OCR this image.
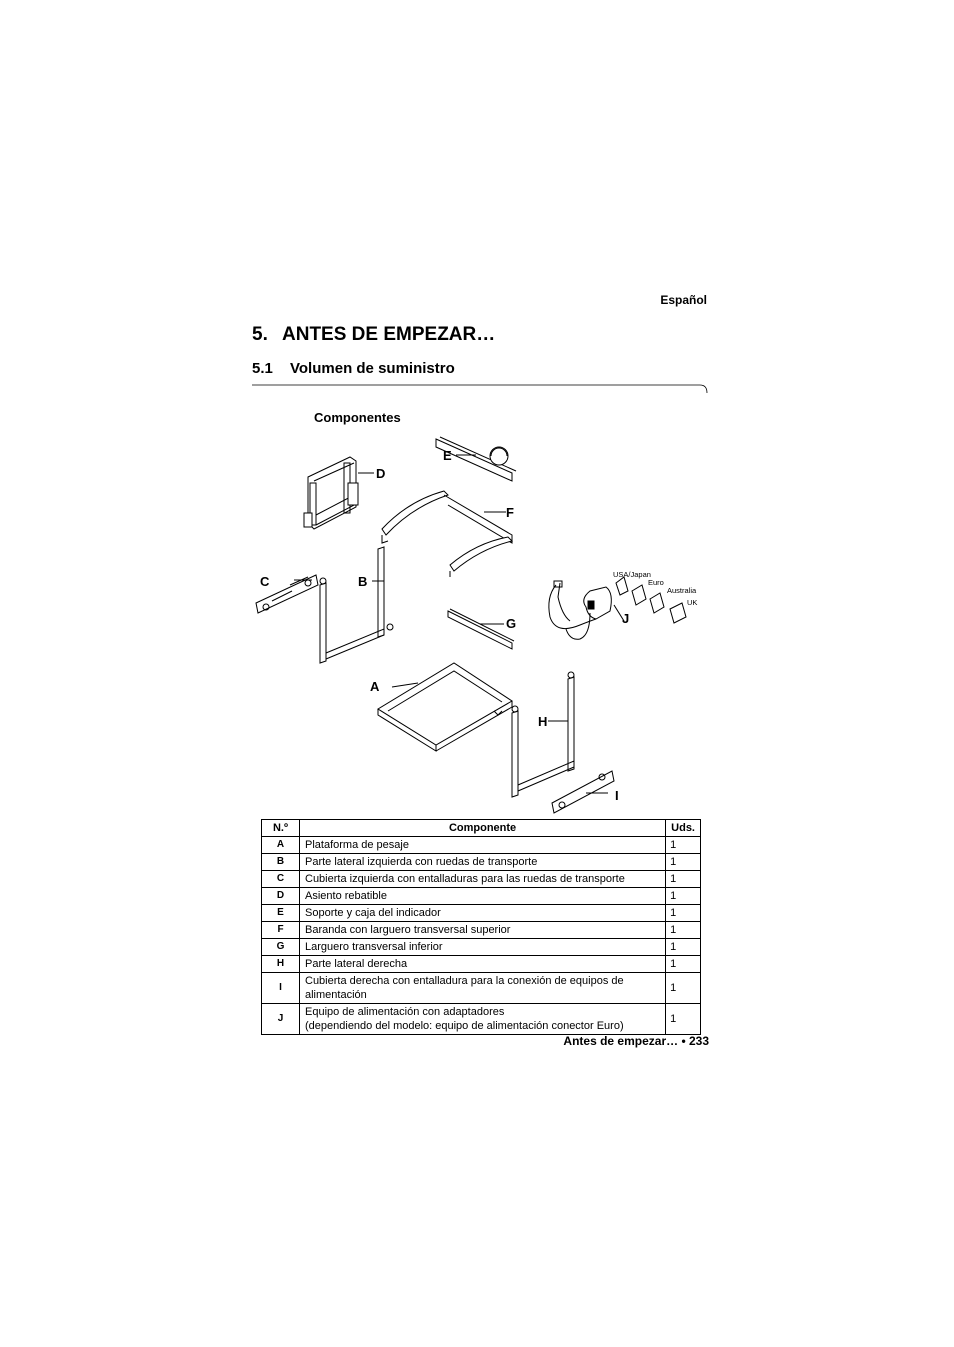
Español
5. ANTES DE EMPEZAR…
5.1 Volumen de suministro
Componentes
D
E
F
C	B
G	J
A
H
I
USA/Japan
Euro
Australia
UK
N.º	Componente	Uds.
A	Plataforma de pesaje	1
B	Parte lateral izquierda con ruedas de transporte	1
C	Cubierta izquierda con entalladuras para las ruedas de transporte	1
D	Asiento rebatible	1
E	Soporte y caja del indicador	1
F	Baranda con larguero transversal superior	1
G	Larguero transversal inferior	1
H	Parte lateral derecha	1
I	Cubierta derecha con entalladura para la conexión de equipos de alimentación	1
J	Equipo de alimentación con adaptadores
(dependiendo del modelo: equipo de alimentación conector Euro)	1
Antes de empezar… • 233
